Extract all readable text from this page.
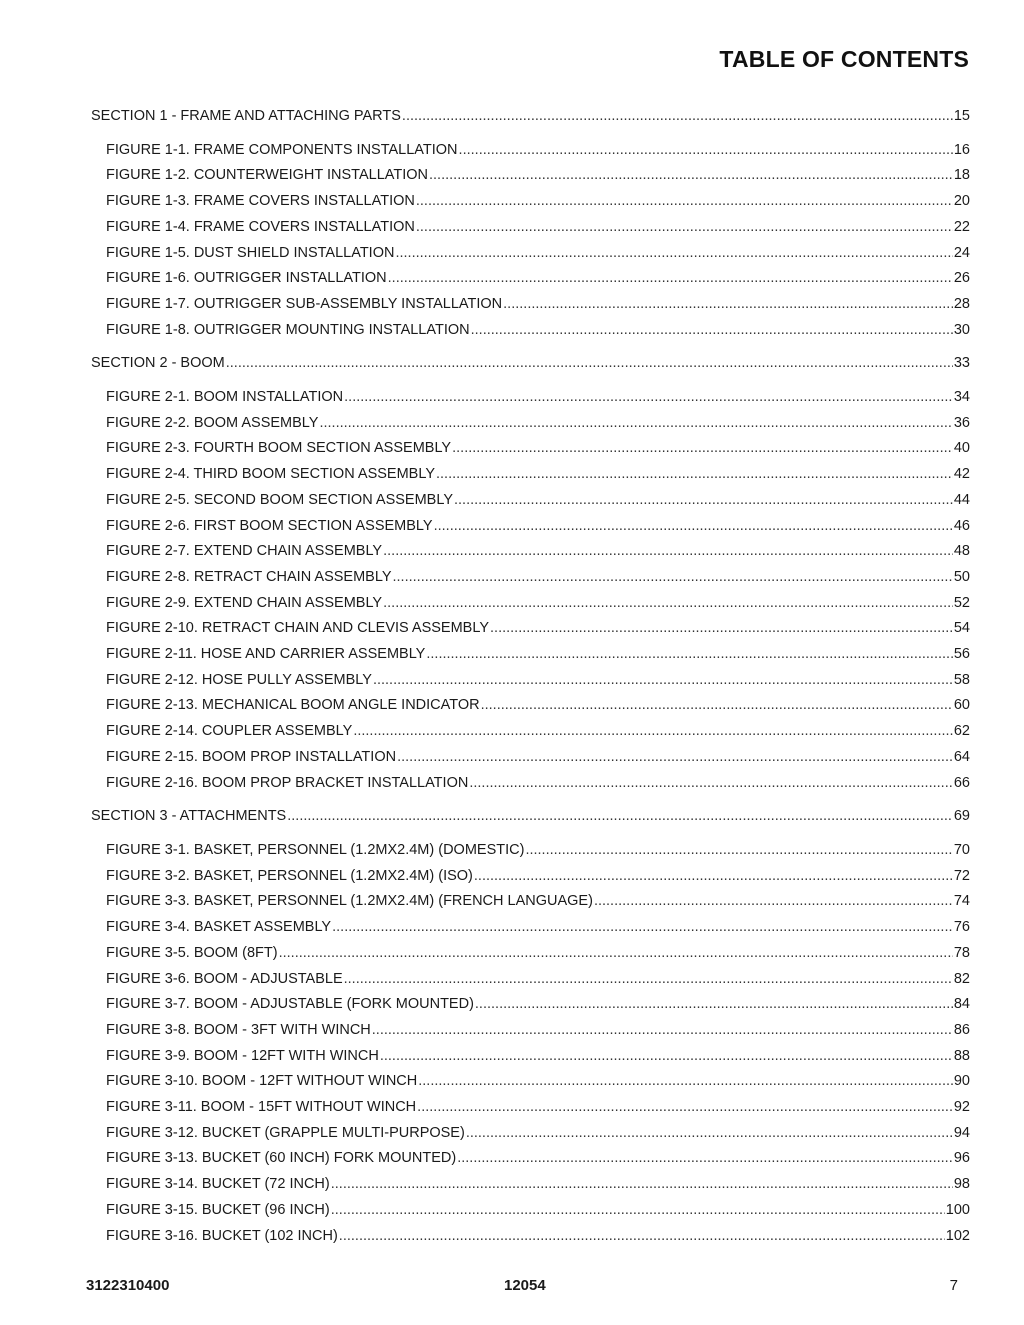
TABLE OF CONTENTS
SECTION 1 - FRAME AND ATTACHING PARTS .....	15
FIGURE 1-1. FRAME COMPONENTS INSTALLATION .....	16
FIGURE 1-2. COUNTERWEIGHT INSTALLATION .....	18
FIGURE 1-3. FRAME COVERS INSTALLATION .....	20
FIGURE 1-4. FRAME COVERS INSTALLATION .....	22
FIGURE 1-5. DUST SHIELD INSTALLATION .....	24
FIGURE 1-6. OUTRIGGER INSTALLATION .....	26
FIGURE 1-7. OUTRIGGER SUB-ASSEMBLY INSTALLATION .....	28
FIGURE 1-8. OUTRIGGER MOUNTING INSTALLATION .....	30
SECTION 2 - BOOM .....	33
FIGURE 2-1. BOOM INSTALLATION .....	34
FIGURE 2-2. BOOM ASSEMBLY .....	36
FIGURE 2-3. FOURTH BOOM SECTION ASSEMBLY .....	40
FIGURE 2-4. THIRD BOOM SECTION ASSEMBLY .....	42
FIGURE 2-5. SECOND BOOM SECTION ASSEMBLY .....	44
FIGURE 2-6. FIRST BOOM SECTION ASSEMBLY .....	46
FIGURE 2-7. EXTEND CHAIN ASSEMBLY .....	48
FIGURE 2-8. RETRACT CHAIN ASSEMBLY .....	50
FIGURE 2-9. EXTEND CHAIN ASSEMBLY .....	52
FIGURE 2-10. RETRACT CHAIN AND CLEVIS ASSEMBLY .....	54
FIGURE 2-11. HOSE AND CARRIER ASSEMBLY .....	56
FIGURE 2-12. HOSE PULLY ASSEMBLY .....	58
FIGURE 2-13. MECHANICAL BOOM ANGLE INDICATOR .....	60
FIGURE 2-14. COUPLER ASSEMBLY .....	62
FIGURE 2-15. BOOM PROP INSTALLATION .....	64
FIGURE 2-16. BOOM PROP BRACKET INSTALLATION .....	66
SECTION 3 - ATTACHMENTS .....	69
FIGURE 3-1. BASKET, PERSONNEL (1.2MX2.4M) (DOMESTIC) .....	70
FIGURE 3-2. BASKET, PERSONNEL (1.2MX2.4M) (ISO) .....	72
FIGURE 3-3. BASKET, PERSONNEL (1.2MX2.4M) (FRENCH LANGUAGE) .....	74
FIGURE 3-4. BASKET ASSEMBLY .....	76
FIGURE 3-5. BOOM (8FT) .....	78
FIGURE 3-6. BOOM - ADJUSTABLE .....	82
FIGURE 3-7. BOOM - ADJUSTABLE (FORK MOUNTED) .....	84
FIGURE 3-8. BOOM - 3FT WITH WINCH .....	86
FIGURE 3-9. BOOM - 12FT WITH WINCH .....	88
FIGURE 3-10. BOOM - 12FT WITHOUT WINCH .....	90
FIGURE 3-11. BOOM - 15FT WITHOUT WINCH .....	92
FIGURE 3-12. BUCKET (GRAPPLE MULTI-PURPOSE) .....	94
FIGURE 3-13. BUCKET (60 INCH) FORK MOUNTED) .....	96
FIGURE 3-14. BUCKET (72 INCH) .....	98
FIGURE 3-15. BUCKET (96 INCH) .....	100
FIGURE 3-16. BUCKET (102 INCH) .....	102
3122310400	12054	7
